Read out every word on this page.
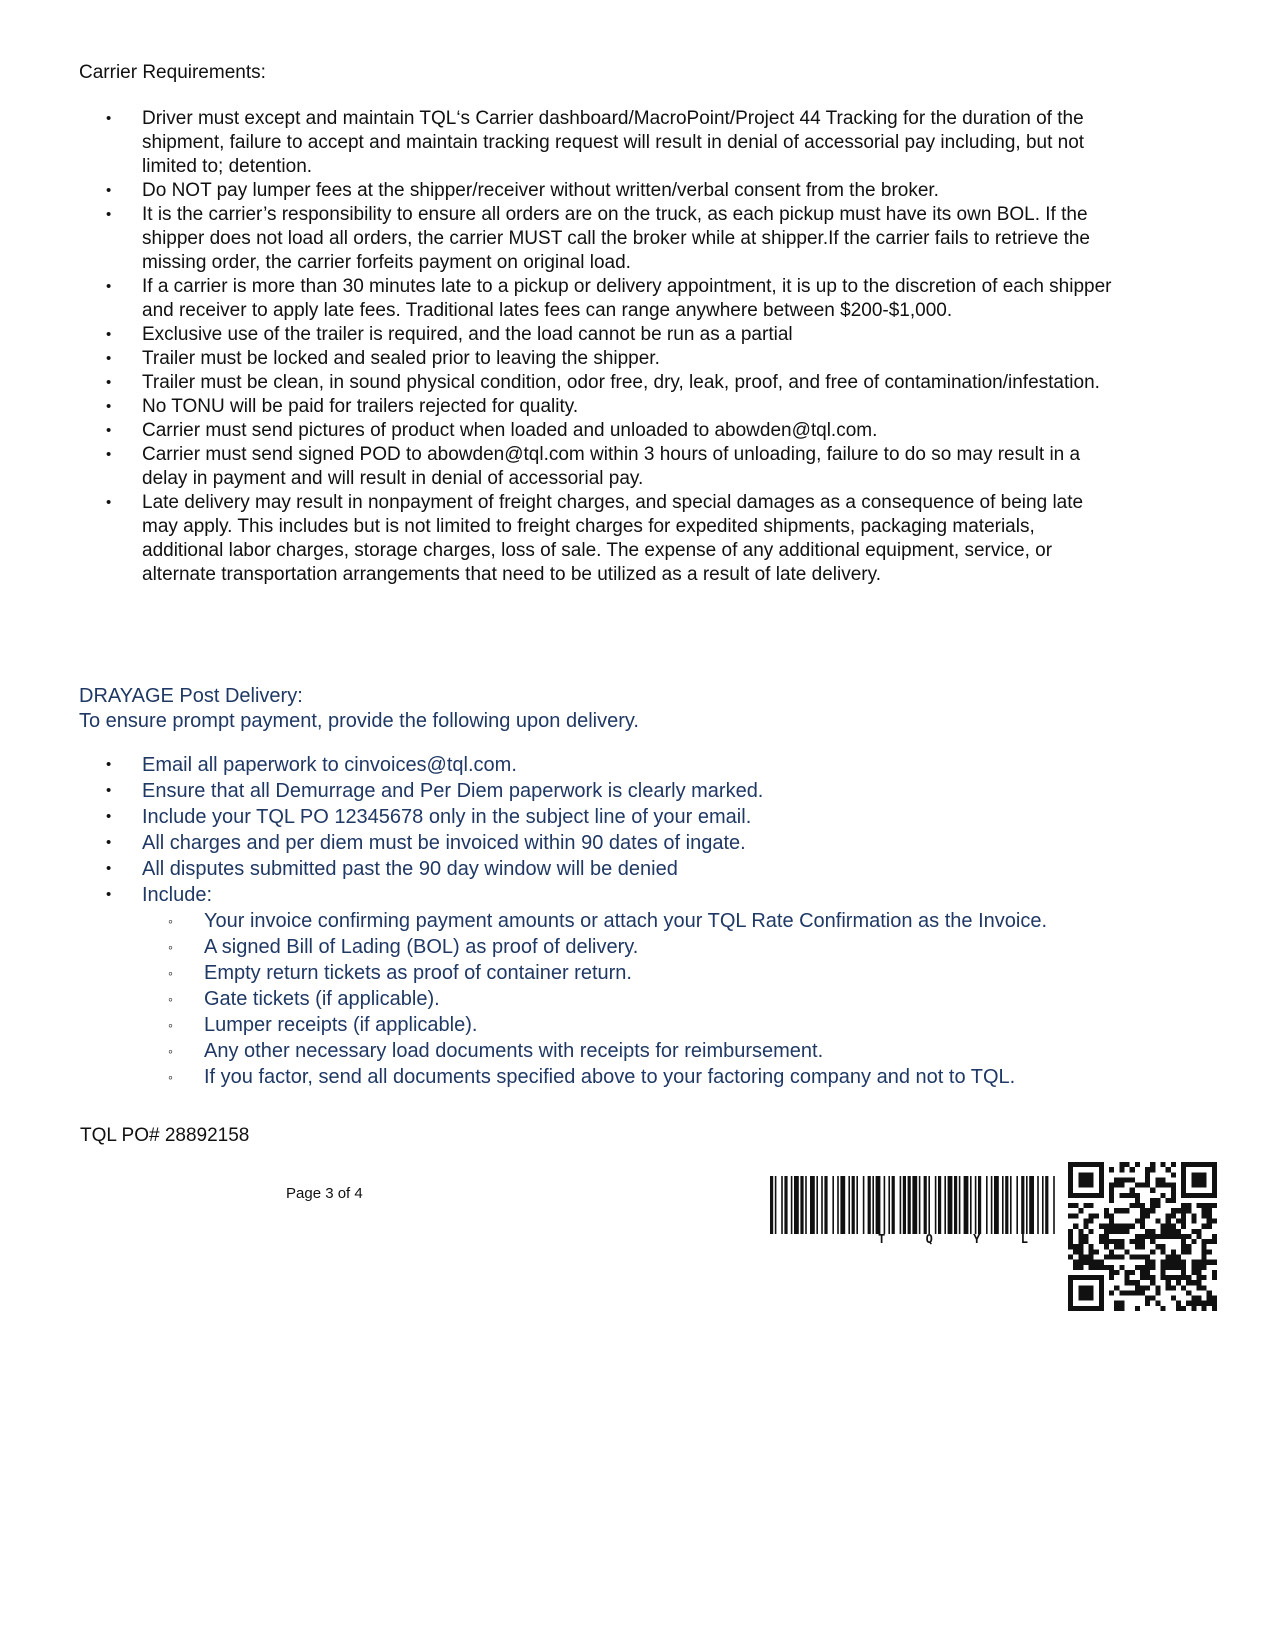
Carrier Requirements:
• Driver must except and maintain TQL‘s Carrier dashboard/MacroPoint/Project 44 Tracking for the duration of the shipment, failure to accept and maintain tracking request will result in denial of accessorial pay including, but not limited to; detention.
• Do NOT pay lumper fees at the shipper/receiver without written/verbal consent from the broker.
• It is the carrier’s responsibility to ensure all orders are on the truck, as each pickup must have its own BOL. If the shipper does not load all orders, the carrier MUST call the broker while at shipper.If the carrier fails to retrieve the missing order, the carrier forfeits payment on original load.
• If a carrier is more than 30 minutes late to a pickup or delivery appointment, it is up to the discretion of each shipper and receiver to apply late fees. Traditional lates fees can range anywhere between $200-$1,000.
• Exclusive use of the trailer is required, and the load cannot be run as a partial
• Trailer must be locked and sealed prior to leaving the shipper.
• Trailer must be clean, in sound physical condition, odor free, dry, leak, proof, and free of contamination/infestation.
• No TONU will be paid for trailers rejected for quality.
• Carrier must send pictures of product when loaded and unloaded to abowden@tql.com.
• Carrier must send signed POD to abowden@tql.com within 3 hours of unloading, failure to do so may result in a delay in payment and will result in denial of accessorial pay.
• Late delivery may result in nonpayment of freight charges, and special damages as a consequence of being late may apply. This includes but is not limited to freight charges for expedited shipments, packaging materials, additional labor charges, storage charges, loss of sale. The expense of any additional equipment, service, or alternate transportation arrangements that need to be utilized as a result of late delivery.
DRAYAGE Post Delivery:
To ensure prompt payment, provide the following upon delivery.
• Email all paperwork to cinvoices@tql.com.
• Ensure that all Demurrage and Per Diem paperwork is clearly marked.
• Include your TQL PO 12345678 only in the subject line of your email.
• All charges and per diem must be invoiced within 90 dates of ingate.
• All disputes submitted past the 90 day window will be denied
• Include:
◦ Your invoice confirming payment amounts or attach your TQL Rate Confirmation as the Invoice.
◦ A signed Bill of Lading (BOL) as proof of delivery.
◦ Empty return tickets as proof of container return.
◦ Gate tickets (if applicable).
◦ Lumper receipts (if applicable).
◦ Any other necessary load documents with receipts for reimbursement.
◦ If you factor, send all documents specified above to your factoring company and not to TQL.
TQL PO# 28892158
Page 3 of 4
T	Q	Y	L
